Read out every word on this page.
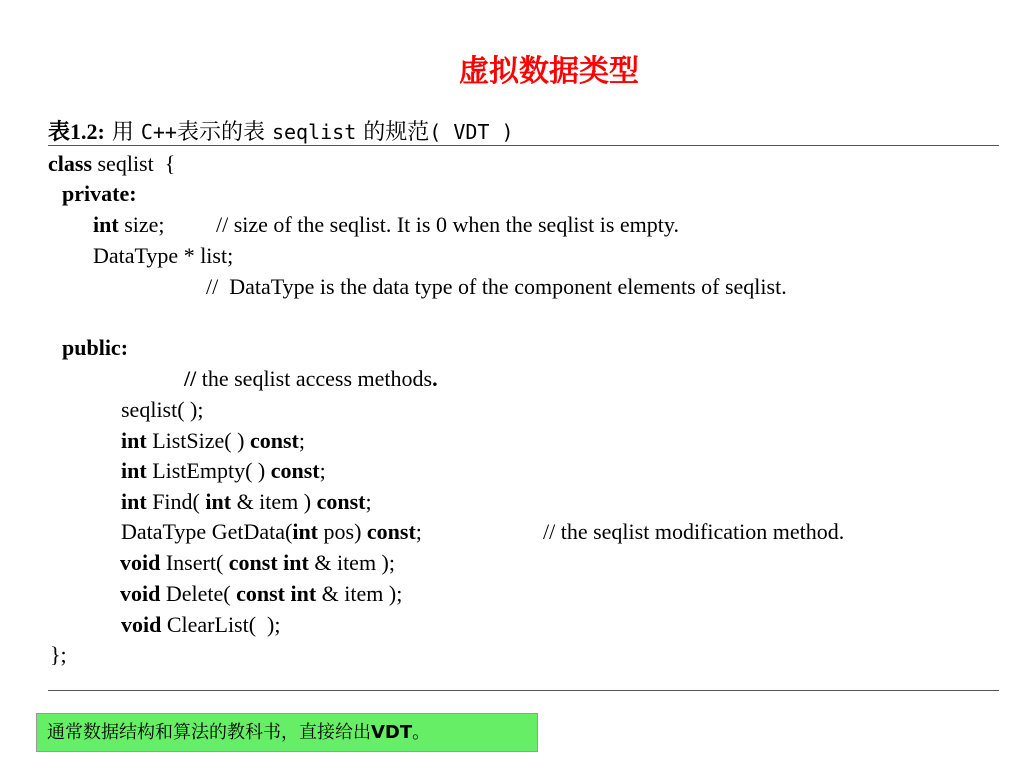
虚拟数据类型
表1.2: 用 C++表示的表 seqlist 的规范( VDT )
class seqlist  {
private:
int size; // size of the seqlist. It is 0 when the seqlist is empty.
DataType * list;
//  DataType is the data type of the component elements of seqlist.
public:
// the seqlist access methods.
seqlist( );
int ListSize( ) const;
int ListEmpty( ) const;
int Find( int & item ) const;
DataType GetData(int pos) const;	// the seqlist modification method.
void Insert( const int & item );
void Delete( const int & item );
void ClearList(  );
};
通常数据结构和算法的教科书，直接给出VDT。
